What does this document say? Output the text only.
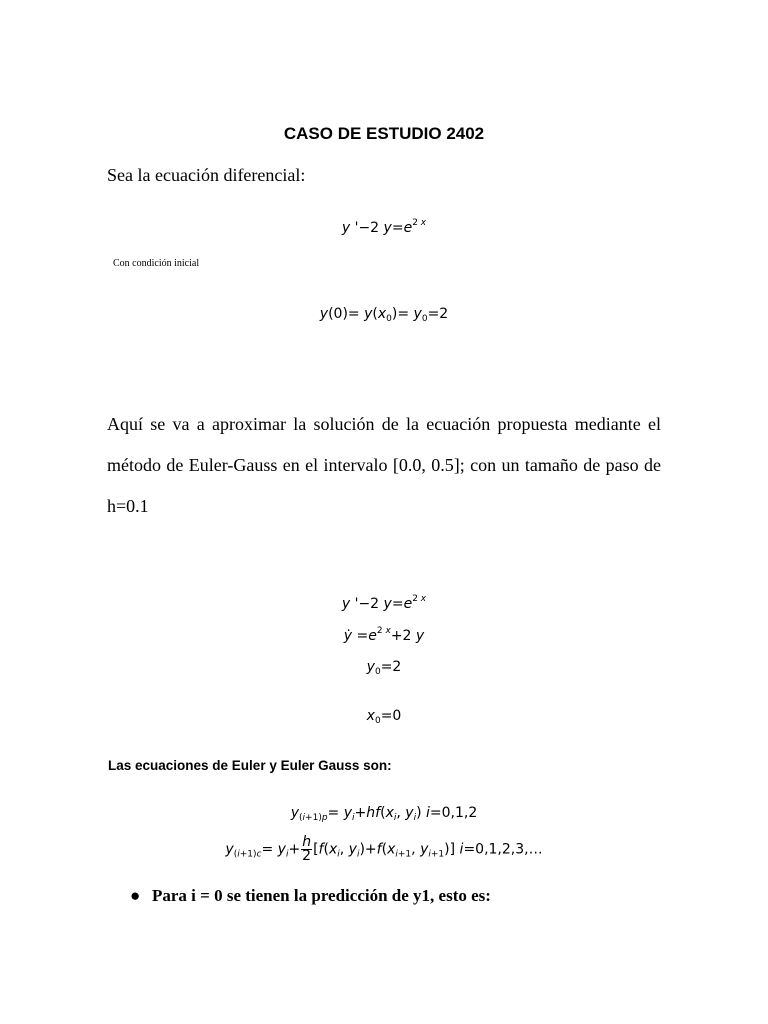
CASO DE ESTUDIO 2402
Sea la ecuación diferencial:
y '−2 $y=e^{2 x}$
Con condición inicial
$y(0)= y(x_0)= y_0=2$

Aquí se va a aproximar la solución de la ecuación propuesta mediante el método de Euler-Gauss en el intervalo [0.0, 0.5]; con un tamaño de paso de h=0.1

y '−2 $y=e^{2 x}$
ẏ $=e^{2 x}+2$ y
$y_0=2$
$x_0=0$
Las ecuaciones de Euler y Euler Gauss son:
$y_{(i+1)p}= y_i+hf(x_i$, $y_i$) i=0,1,2
$y_{(i+1)c}= y_i+ \frac{h}{2} [f(x_i$, $y_i)+f(x_{i+1}$, $y_{i+1}$)] i=0,1,2,3,…
● Para i = 0 se tienen la predicción de y1, esto es:
